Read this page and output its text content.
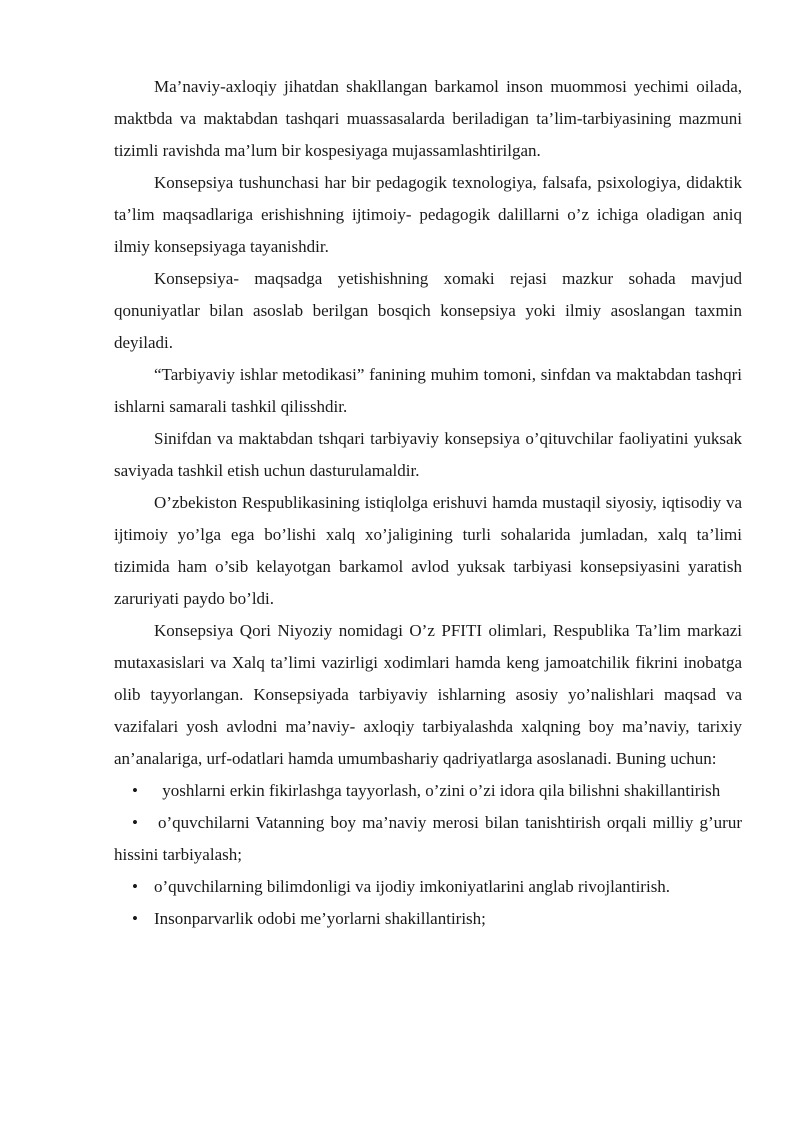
Ma’naviy-axloqiy jihatdan shakllangan barkamol inson muommosi yechimi oilada, maktbda va maktabdan tashqari muassasalarda beriladigan ta’lim-tarbiyasining mazmuni tizimli ravishda ma’lum bir kospesiyaga mujassamlashtirilgan.

Konsepsiya tushunchasi har bir pedagogik texnologiya, falsafa, psixologiya, didaktik ta’lim maqsadlariga erishishning ijtimoiy- pedagogik dalillarni o’z ichiga oladigan aniq ilmiy konsepsiyaga tayanishdir.

Konsepsiya- maqsadga yetishishning xomaki rejasi mazkur sohada mavjud qonuniyatlar bilan asoslab berilgan bosqich konsepsiya yoki ilmiy asoslangan taxmin deyiladi.

“Tarbiyaviy ishlar metodikasi” fanining muhim tomoni, sinfdan va maktabdan tashqri ishlarni samarali tashkil qilisshdir.

Sinifdan va maktabdan tshqari tarbiyaviy konsepsiya o’qituvchilar faoliyatini yuksak saviyada tashkil etish uchun dasturulamaldir.

O’zbekiston Respublikasining istiqlolga erishuvi hamda mustaqil siyosiy, iqtisodiy va ijtimoiy yo’lga ega bo’lishi xalq xo’jaligining turli sohalarida jumladan, xalq ta’limi tizimida ham o’sib kelayotgan barkamol avlod yuksak tarbiyasi konsepsiyasini yaratish zaruriyati paydo bo’ldi.

Konsepsiya Qori Niyoziy nomidagi O’z PFITI olimlari, Respublika Ta’lim markazi mutaxasislari va Xalq ta’limi vazirligi xodimlari hamda keng jamoatchilik fikrini inobatga olib tayyorlangan. Konsepsiyada tarbiyaviy ishlarning asosiy yo’nalishlari maqsad va vazifalari yosh avlodni ma’naviy- axloqiy tarbiyalashda xalqning boy ma’naviy, tarixiy an’analariga, urf-odatlari hamda umumbashariy qadriyatlarga asoslanadi. Buning uchun:

• yoshlarni erkin fikirlashga tayyorlash, o’zini o’zi idora qila bilishni shakillantirish
• o’quvchilarni Vatanning boy ma’naviy merosi bilan tanishtirish orqali milliy g’urur hissini tarbiyalash;
• o’quvchilarning bilimdonligi va ijodiy imkoniyatlarini anglab rivojlantirish.
• Insonparvarlik odobi me’yorlarni shakillantirish;
